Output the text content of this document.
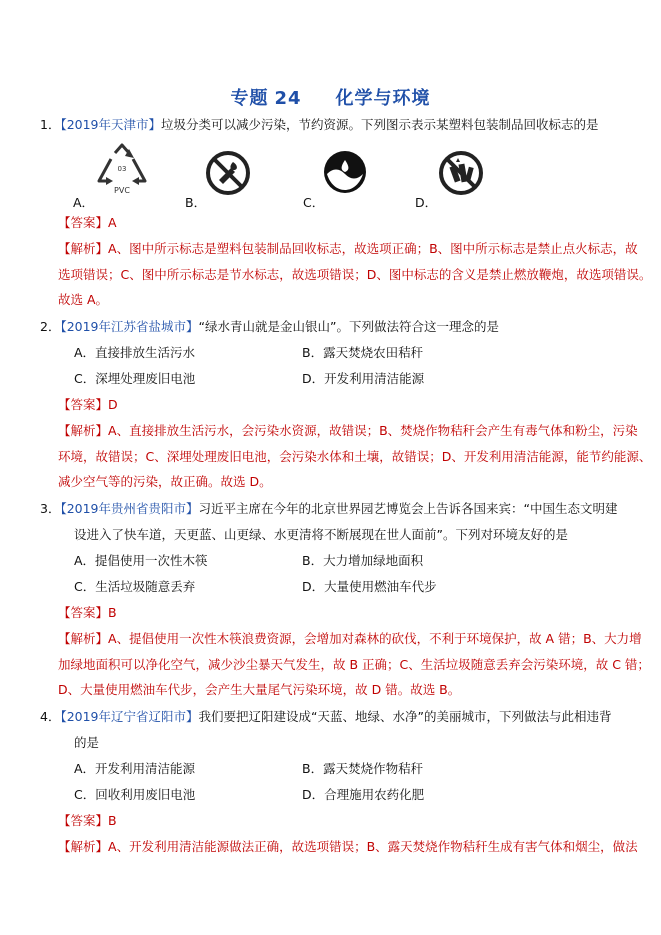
专题 24 化学与环境
1．【2019年天津市】垃圾分类可以减少污染，节约资源。下列图示表示某塑料包装制品回收标志的是
03
PVC
A．	B．	C．	D．
【答案】A
【解析】A、图中所示标志是塑料包装制品回收标志，故选项正确；B、图中所示标志是禁止点火标志，故
选项错误；C、图中所示标志是节水标志，故选项错误；D、图中标志的含义是禁止燃放鞭炮，故选项错误。
故选 A。
2．【2019年江苏省盐城市】“绿水青山就是金山银山”。下列做法符合这一理念的是
A．直接排放生活污水	B．露天焚烧农田秸秆
C．深埋处理废旧电池	D．开发利用清洁能源
【答案】D
【解析】A、直接排放生活污水，会污染水资源，故错误；B、焚烧作物秸秆会产生有毒气体和粉尘，污染
环境，故错误；C、深埋处理废旧电池，会污染水体和土壤，故错误；D、开发利用清洁能源，能节约能源、
减少空气等的污染，故正确。故选 D。
3．【2019年贵州省贵阳市】习近平主席在今年的北京世界园艺博览会上告诉各国来宾：“中国生态文明建
设进入了快车道，天更蓝、山更绿、水更清将不断展现在世人面前”。下列对环境友好的是
A．提倡使用一次性木筷	B．大力增加绿地面积
C．生活垃圾随意丢弃	D．大量使用燃油车代步
【答案】B
【解析】A、提倡使用一次性木筷浪费资源，会增加对森林的砍伐，不利于环境保护，故 A 错；B、大力增
加绿地面积可以净化空气，减少沙尘暴天气发生，故 B 正确；C、生活垃圾随意丢弃会污染环境，故 C 错；
D、大量使用燃油车代步，会产生大量尾气污染环境，故 D 错。故选 B。
4．【2019年辽宁省辽阳市】我们要把辽阳建设成“天蓝、地绿、水净”的美丽城市，下列做法与此相违背
的是
A．开发利用清洁能源	B．露天焚烧作物秸秆
C．回收利用废旧电池	D．合理施用农药化肥
【答案】B
【解析】A、开发利用清洁能源做法正确，故选项错误；B、露天焚烧作物秸秆生成有害气体和烟尘，做法
